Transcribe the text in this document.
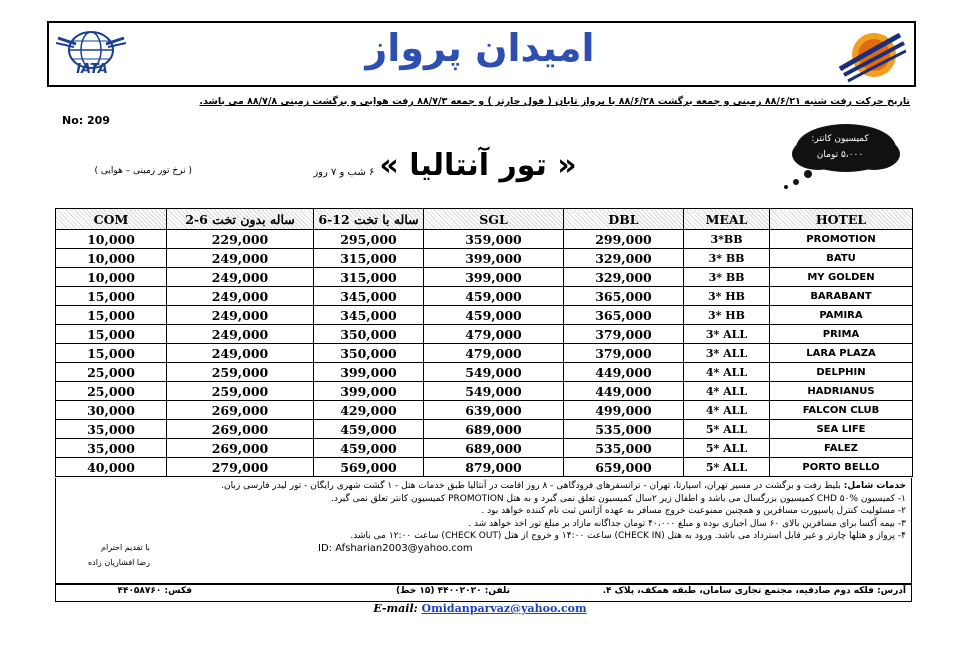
IATA	امیدان پرواز
تاریخ حرکت رفت شنبه ۸۸/۶/۲۱ زمینی و جمعه برگشت ۸۸/۶/۲۸ با پرواز تابان ( فول چارتر ) و جمعه ۸۸/۷/۳ رفت هوایی و برگشت زمینی ۸۸/۷/۸ می باشد.
No: 209
کمیسیون کانتر:
۵،۰۰۰ تومان
« تور آنتالیا » ۶ شب و ۷ روز
( نرخ تور زمینی – هوایی )
COM	2-6 ساله بدون تخت	6-12 ساله با تخت	SGL	DBL	MEAL	HOTEL
10,000	229,000	295,000	359,000	299,000	3*BB	PROMOTION
10,000	249,000	315,000	399,000	329,000	3* BB	BATU
10,000	249,000	315,000	399,000	329,000	3* BB	MY GOLDEN
15,000	249,000	345,000	459,000	365,000	3* HB	BARABANT
15,000	249,000	345,000	459,000	365,000	3* HB	PAMIRA
15,000	249,000	350,000	479,000	379,000	3* ALL	PRIMA
15,000	249,000	350,000	479,000	379,000	3* ALL	LARA PLAZA
25,000	259,000	399,000	549,000	449,000	4* ALL	DELPHIN
25,000	259,000	399,000	549,000	449,000	4* ALL	HADRIANUS
30,000	269,000	429,000	639,000	499,000	4* ALL	FALCON CLUB
35,000	269,000	459,000	689,000	535,000	5* ALL	SEA LIFE
35,000	269,000	459,000	689,000	535,000	5* ALL	FALEZ
40,000	279,000	569,000	879,000	659,000	5* ALL	PORTO BELLO
خدمات شامل: بلیط رفت و برگشت در مسیر تهران، اسپارتا، تهران - ترانسفرهای فرودگاهی - ۸ روز اقامت در آنتالیا طبق خدمات هتل - ۱ گشت شهری رایگان - تور لیدر فارسی زبان.
۱- کمیسیون CHD ۵۰% کمیسیون بزرگسال می باشد و اطفال زیر ۲سال کمیسیون تعلق نمی گیرد و به هتل PROMOTION کمیسیون کانتر تعلق نمی گیرد.
۲- مسئولیت کنترل پاسپورت مسافرین و همچنین ممنوعیت خروج مسافر به عهده آژانس ثبت نام کننده خواهد بود .
۳- بیمه آکسا برای مسافرین بالای ۶۰ سال اجباری بوده و مبلغ ۴۰،۰۰۰ تومان جداگانه مازاد بر مبلغ تور اخذ خواهد شد .
۴- پرواز و هتلها چارتر و غیر قابل استرداد می باشد. ورود به هتل (CHECK IN) ساعت ۱۴:۰۰ و خروج از هتل (CHECK OUT) ساعت ۱۲:۰۰ می باشد.
ID: Afsharian2003@yahoo.com
با تقدیم احترام
رضا افشاریان زاده
آدرس: فلکه دوم صادقیه، مجتمع تجاری سامان، طبقه همکف، پلاک ۴.
تلفن: ۴۴۰۰۲۰۲۰ (۱۵ خط)
فکس: ۴۴۰۵۸۷۶۰
E-mail: Omidanparvaz@yahoo.com
